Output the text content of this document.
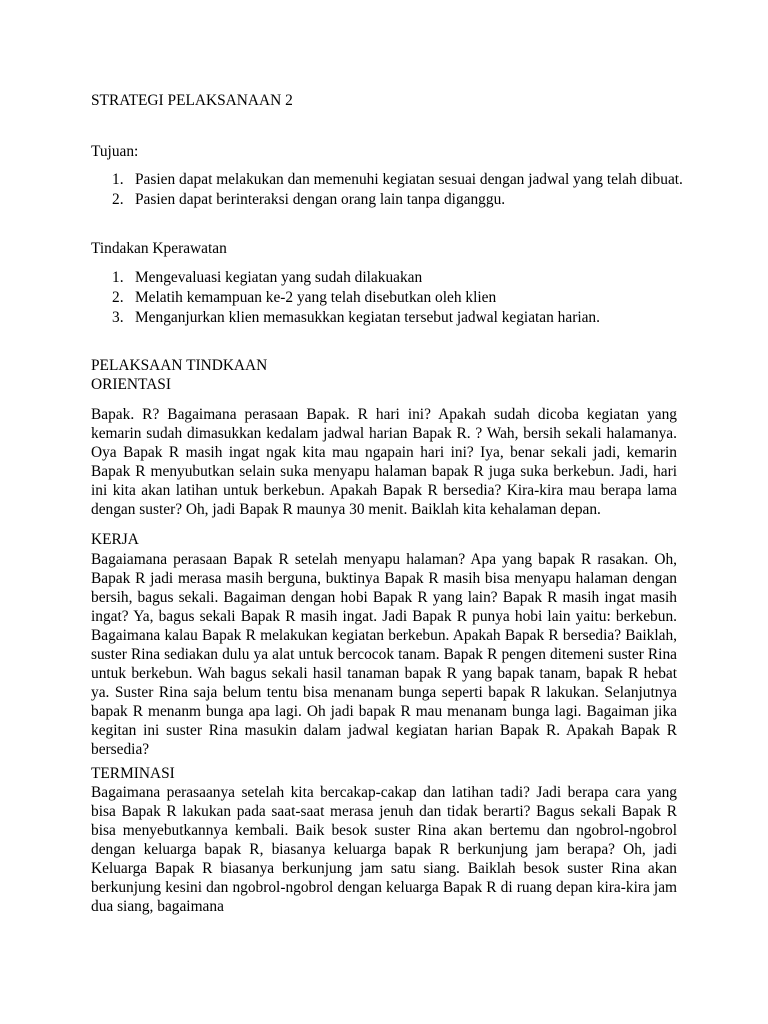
STRATEGI PELAKSANAAN 2
Tujuan:
1. Pasien dapat melakukan dan memenuhi kegiatan sesuai dengan jadwal yang telah dibuat.
2. Pasien dapat berinteraksi dengan orang lain tanpa diganggu.
Tindakan Kperawatan
1. Mengevaluasi kegiatan yang sudah dilakuakan
2. Melatih kemampuan ke-2 yang telah disebutkan oleh klien
3. Menganjurkan klien memasukkan kegiatan tersebut jadwal kegiatan harian.
PELAKSAAN TINDKAAN
ORIENTASI

Bapak. R? Bagaimana perasaan Bapak. R hari ini? Apakah sudah dicoba kegiatan yang kemarin sudah dimasukkan kedalam jadwal harian Bapak R. ? Wah, bersih sekali halamanya. Oya Bapak R masih ingat ngak kita mau ngapain hari ini? Iya, benar sekali jadi, kemarin Bapak R menyubutkan selain suka menyapu halaman bapak R juga suka berkebun. Jadi, hari ini kita akan latihan untuk berkebun. Apakah Bapak R bersedia? Kira-kira mau berapa lama dengan suster? Oh, jadi Bapak R maunya 30 menit. Baiklah kita kehalaman depan.

KERJA

Bagaiamana perasaan Bapak R setelah menyapu halaman? Apa yang bapak R rasakan. Oh, Bapak R jadi merasa masih berguna, buktinya Bapak R masih bisa menyapu halaman dengan bersih, bagus sekali. Bagaiman dengan hobi Bapak R yang lain? Bapak R masih ingat masih ingat? Ya, bagus sekali Bapak R masih ingat. Jadi Bapak R punya hobi lain yaitu: berkebun. Bagaimana kalau Bapak R melakukan kegiatan berkebun. Apakah Bapak R bersedia? Baiklah, suster Rina sediakan dulu ya alat untuk bercocok tanam. Bapak R pengen ditemeni suster Rina untuk berkebun. Wah bagus sekali hasil tanaman bapak R yang bapak tanam, bapak R hebat ya. Suster Rina saja belum tentu bisa menanam bunga seperti bapak R lakukan. Selanjutnya bapak R menanm bunga apa lagi. Oh jadi bapak R mau menanam bunga lagi. Bagaiman jika kegitan ini suster Rina masukin dalam jadwal kegiatan harian Bapak R. Apakah Bapak R bersedia?

TERMINASI

Bagaimana perasaanya setelah kita bercakap-cakap dan latihan tadi? Jadi berapa cara yang bisa Bapak R lakukan pada saat-saat merasa jenuh dan tidak berarti? Bagus sekali Bapak R bisa menyebutkannya kembali. Baik besok suster Rina akan bertemu dan ngobrol-ngobrol dengan keluarga bapak R, biasanya keluarga bapak R berkunjung jam berapa? Oh, jadi Keluarga Bapak R biasanya berkunjung jam satu siang. Baiklah besok suster Rina akan berkunjung kesini dan ngobrol-ngobrol dengan keluarga Bapak R di ruang depan kira-kira jam dua siang, bagaimana
